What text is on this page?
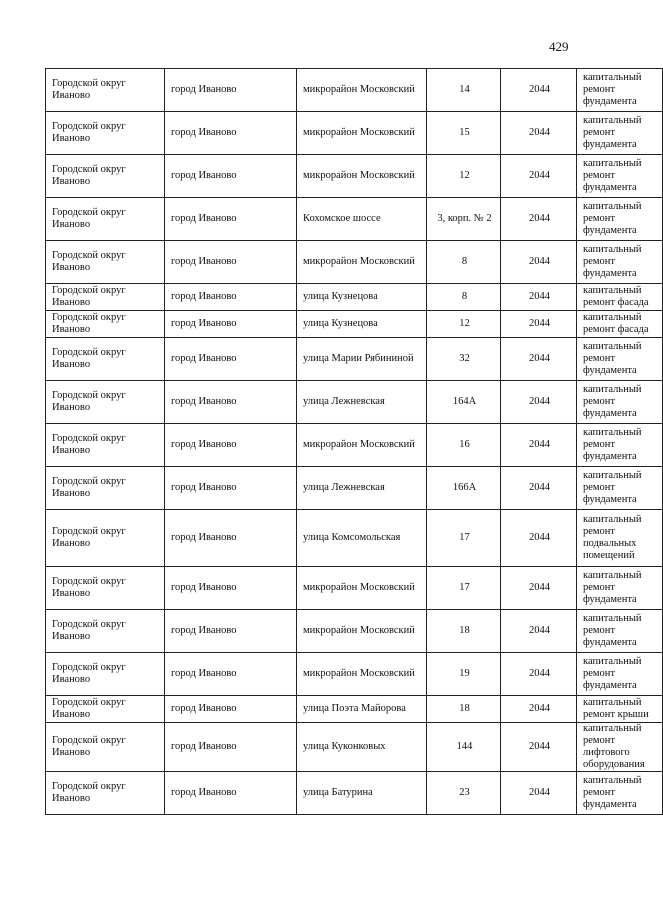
429
Городской округ Иваново	город Иваново	микрорайон Московский	14	2044	капитальный ремонт фундамента
Городской округ Иваново	город Иваново	микрорайон Московский	15	2044	капитальный ремонт фундамента
Городской округ Иваново	город Иваново	микрорайон Московский	12	2044	капитальный ремонт фундамента
Городской округ Иваново	город Иваново	Кохомское шоссе	3, корп. № 2	2044	капитальный ремонт фундамента
Городской округ Иваново	город Иваново	микрорайон Московский	8	2044	капитальный ремонт фундамента
Городской округ Иваново	город Иваново	улица Кузнецова	8	2044	капитальный ремонт фасада
Городской округ Иваново	город Иваново	улица Кузнецова	12	2044	капитальный ремонт фасада
Городской округ Иваново	город Иваново	улица Марии Рябининой	32	2044	капитальный ремонт фундамента
Городской округ Иваново	город Иваново	улица Лежневская	164А	2044	капитальный ремонт фундамента
Городской округ Иваново	город Иваново	микрорайон Московский	16	2044	капитальный ремонт фундамента
Городской округ Иваново	город Иваново	улица Лежневская	166А	2044	капитальный ремонт фундамента
Городской округ Иваново	город Иваново	улица Комсомольская	17	2044	капитальный ремонт подвальных помещений
Городской округ Иваново	город Иваново	микрорайон Московский	17	2044	капитальный ремонт фундамента
Городской округ Иваново	город Иваново	микрорайон Московский	18	2044	капитальный ремонт фундамента
Городской округ Иваново	город Иваново	микрорайон Московский	19	2044	капитальный ремонт фундамента
Городской округ Иваново	город Иваново	улица Поэта Майорова	18	2044	капитальный ремонт крыши
Городской округ Иваново	город Иваново	улица Куконковых	144	2044	капитальный ремонт лифтового оборудования
Городской округ Иваново	город Иваново	улица Батурина	23	2044	капитальный ремонт фундамента
